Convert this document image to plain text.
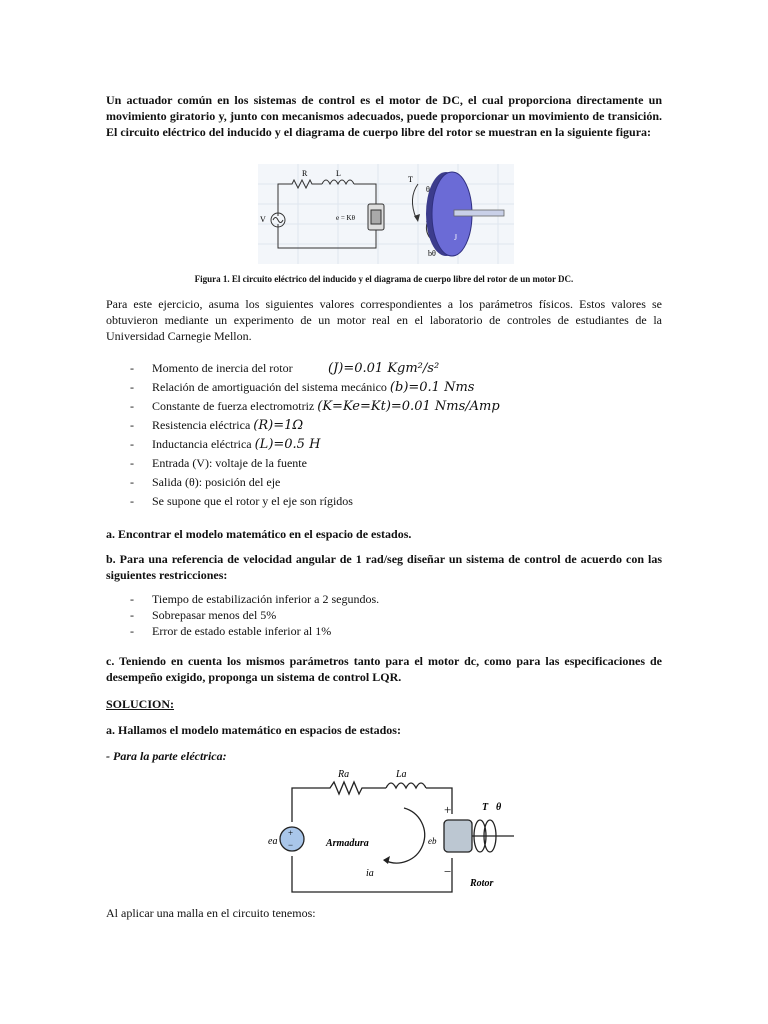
Un actuador común en los sistemas de control es el motor de DC, el cual proporciona directamente un movimiento giratorio y, junto con mecanismos adecuados, puede proporcionar un movimiento de transición. El circuito eléctrico del inducido y el diagrama de cuerpo libre del rotor se muestran en la siguiente figura:

R	L
V	e = Kθ
T
θ
bθ
J
Figura 1. El circuito eléctrico del inducido y el diagrama de cuerpo libre del rotor de un motor DC.

Para este ejercicio, asuma los siguientes valores correspondientes a los parámetros físicos. Estos valores se obtuvieron mediante un experimento de un motor real en el laboratorio de controles de estudiantes de la Universidad Carnegie Mellon.

- Momento de inercia del rotor	(J)=0.01 Kgm²/s²
- Relación de amortiguación del sistema mecánico (b)=0.1 Nms
- Constante de fuerza electromotriz (K=Ke=Kt)=0.01 Nms/Amp
- Resistencia eléctrica (R)=1Ω
- Inductancia eléctrica (L)=0.5 H
- Entrada (V): voltaje de la fuente
- Salida (θ): posición del eje
- Se supone que el rotor y el eje son rígidos

a. Encontrar el modelo matemático en el espacio de estados.

b. Para una referencia de velocidad angular de 1 rad/seg diseñar un sistema de control de acuerdo con las siguientes restricciones:

- Tiempo de estabilización inferior a 2 segundos.
- Sobrepasar menos del 5%
- Error de estado estable inferior al 1%

c. Teniendo en cuenta los mismos parámetros tanto para el motor dc, como para las especificaciones de desempeño exigido, proponga un sistema de control LQR.

SOLUCION:

a. Hallamos el modelo matemático en espacios de estados:

- Para la parte eléctrica:

+
−
Ra	La
ea	eb
ia
Armadura
Rotor
+
−
T θ
Al aplicar una malla en el circuito tenemos:
